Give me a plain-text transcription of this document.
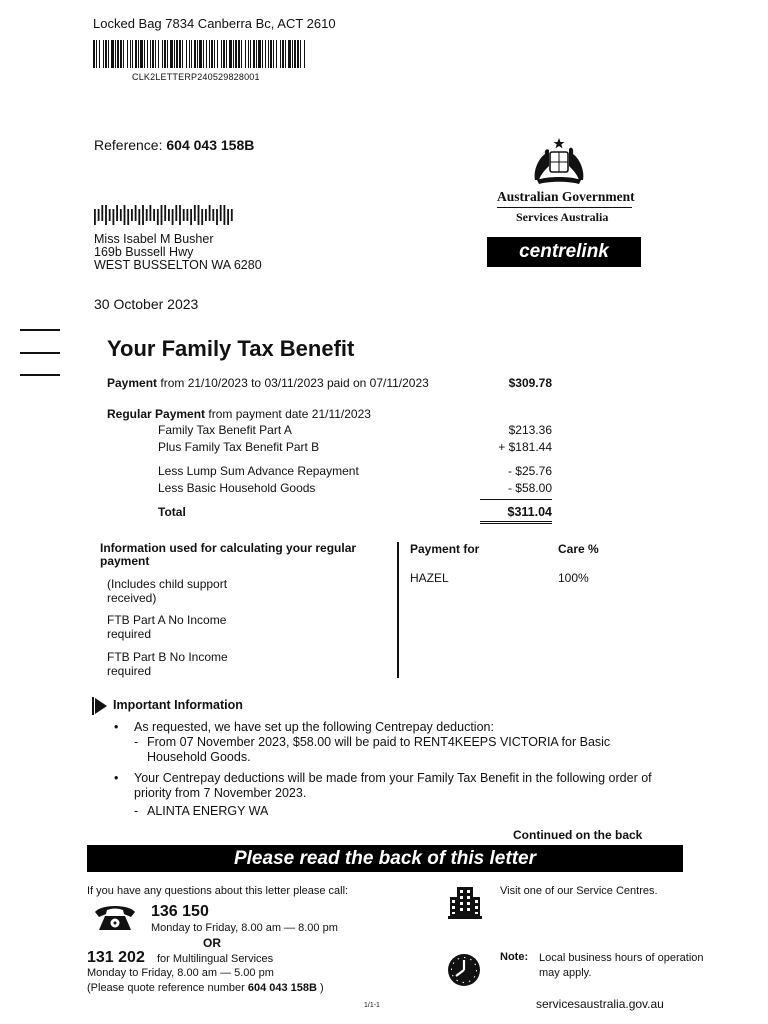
Locked Bag 7834 Canberra Bc, ACT 2610
CLK2LETTERP240529828001
Reference: 604 043 158B
Miss Isabel M Busher
169b Bussell Hwy
WEST BUSSELTON WA 6280
30 October 2023
Australian Government
Services Australia
centrelink
Your Family Tax Benefit
Payment from 21/10/2023 to 03/11/2023 paid on 07/11/2023	$309.78
Regular Payment from payment date 21/11/2023
Family Tax Benefit Part A	$213.36
Plus Family Tax Benefit Part B	+ $181.44
Less Lump Sum Advance Repayment	- $25.76
Less Basic Household Goods	- $58.00
Total	$311.04
Information used for calculating your regular payment
(Includes child support received)
FTB Part A No Income required
FTB Part B No Income required
Payment for	Care %
HAZEL	100%
Important Information
• As requested, we have set up the following Centrepay deduction:
- From 07 November 2023, $58.00 will be paid to RENT4KEEPS VICTORIA for Basic Household Goods.
• Your Centrepay deductions will be made from your Family Tax Benefit in the following order of priority from 7 November 2023.
- ALINTA ENERGY WA
Continued on the back
Please read the back of this letter
If you have any questions about this letter please call:
136 150
Monday to Friday, 8.00 am — 8.00 pm
OR
131 202 for Multilingual Services
Monday to Friday, 8.00 am — 5.00 pm
(Please quote reference number 604 043 158B )
Visit one of our Service Centres.
Note: Local business hours of operation may apply.
1/1-1	servicesaustralia.gov.au
